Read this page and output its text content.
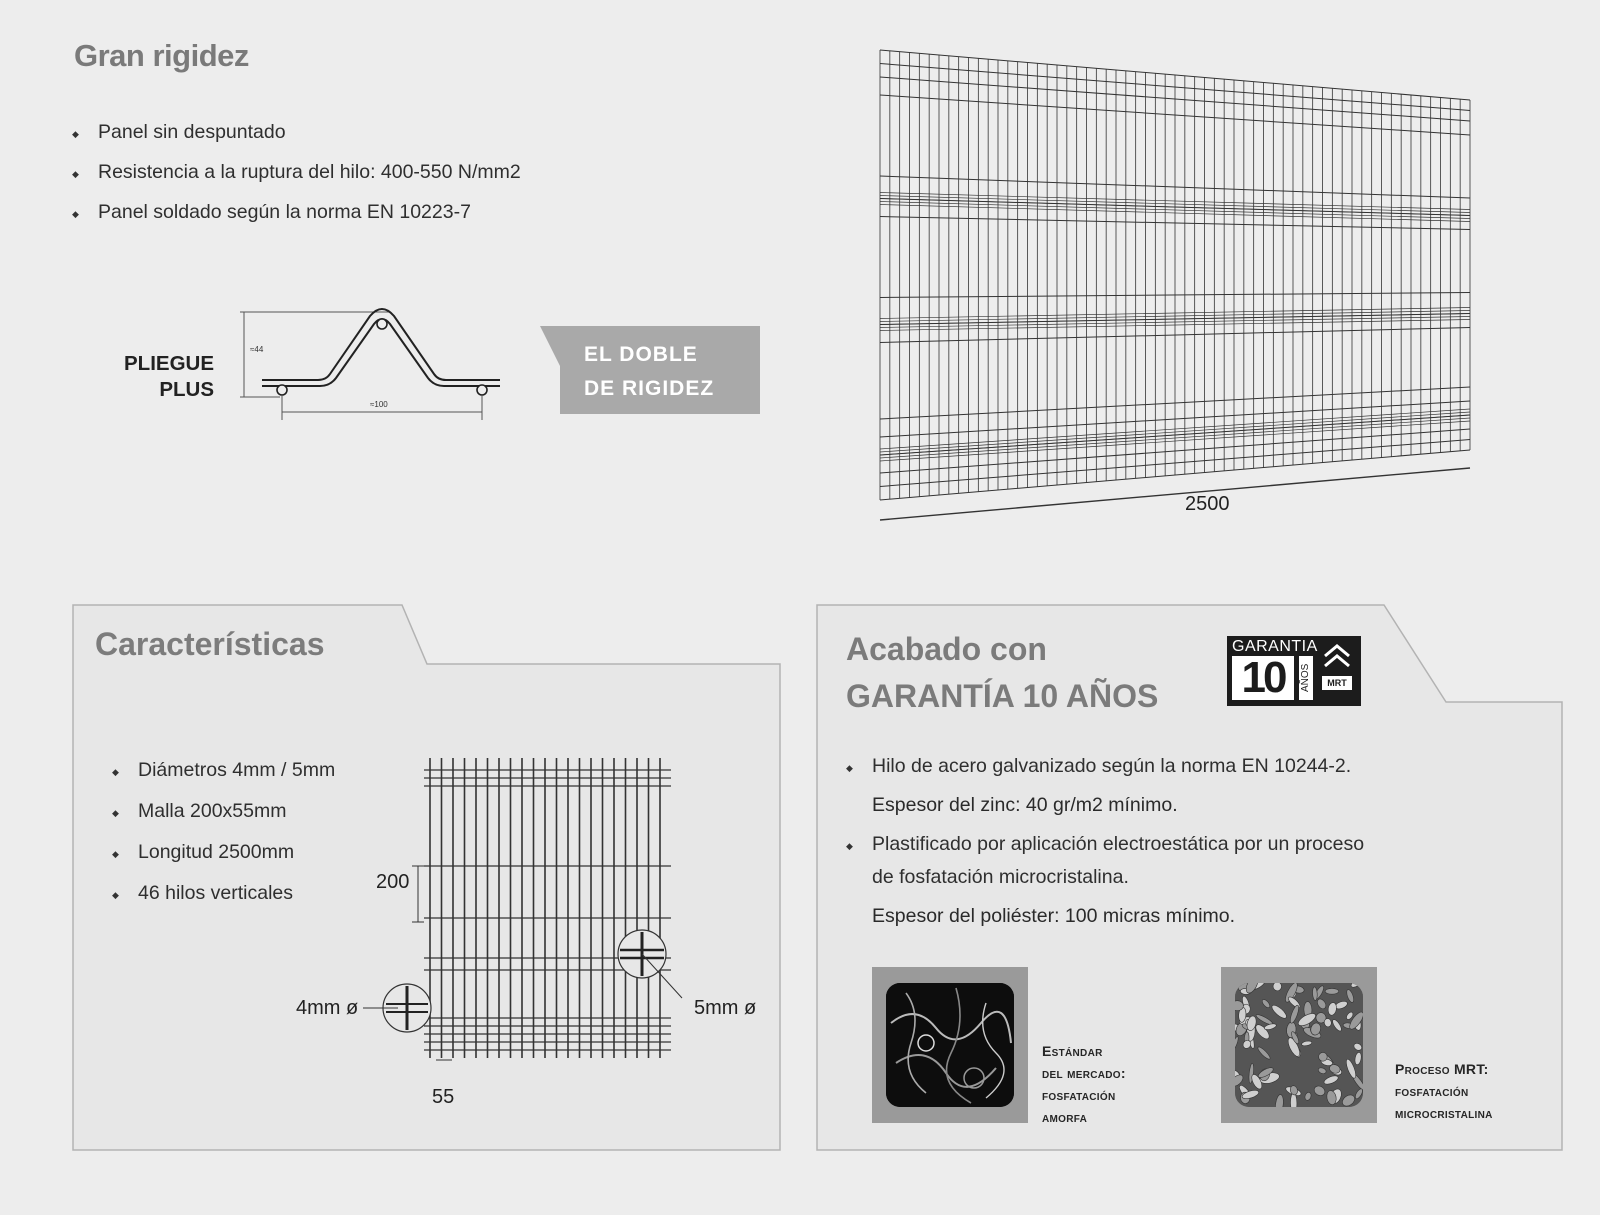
Gran rigidez
◆ Panel sin despuntado
◆ Resistencia a la ruptura del hilo: 400-550 N/mm2
◆ Panel soldado según la norma EN 10223-7
PLIEGUE
PLUS
≈44
≈100
EL DOBLE
DE RIGIDEZ
2500
Características
◆ Diámetros 4mm / 5mm
◆ Malla 200x55mm
◆ Longitud 2500mm
◆ 46 hilos verticales	200
55
4mm ø	5mm ø
Acabado con
GARANTÍA 10 AÑOS
GARANTIA
10	AÑOS	MRT
◆ Hilo de acero galvanizado según la norma EN 10244-2.
Espesor del zinc: 40 gr/m2 mínimo.
◆ Plastificado por aplicación electroestática por un proceso
de fosfatación microcristalina.
Espesor del poliéster: 100 micras mínimo.
Estándar
del mercado:
fosfatación
amorfa
Proceso MRT:
fosfatación
microcristalina
